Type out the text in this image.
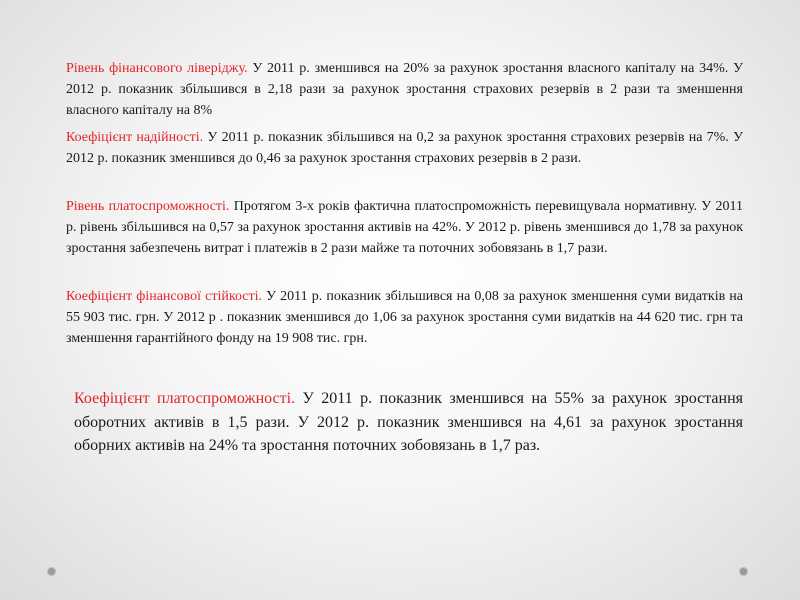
Рівень фінансового ліверіджу. У 2011 р. зменшився на 20% за рахунок зростання власного капіталу на 34%. У 2012 р. показник збільшився в 2,18 рази за рахунок зростання страхових резервів в 2 рази та зменшення власного капіталу на 8%

Коефіцієнт надійності. У 2011 р. показник збільшився на 0,2 за рахунок зростання страхових резервів на 7%. У 2012 р. показник зменшився до 0,46 за рахунок зростання страхових резервів в 2 рази.

Рівень платоспроможності. Протягом 3-х років фактична платоспроможність перевищувала нормативну. У 2011 р. рівень збільшився на 0,57 за рахунок зростання активів на 42%. У 2012 р. рівень зменшився до 1,78 за рахунок зростання забезпечень витрат і платежів в 2 рази майже та поточних зобовязань в 1,7 рази.

Коефіцієнт фінансової стійкості. У 2011 р. показник збільшився на 0,08 за рахунок зменшення суми видатків на 55 903 тис. грн. У 2012 р . показник зменшився до 1,06 за рахунок зростання суми видатків на 44 620 тис. грн та зменшення гарантійного фонду на 19 908 тис. грн.

Коефіцієнт платоспроможності. У 2011 р. показник зменшився на 55% за рахунок зростання оборотних активів в 1,5 рази. У 2012 р. показник зменшився на 4,61 за рахунок зростання оборних активів на 24% та зростання поточних зобовязань в 1,7 раз.
